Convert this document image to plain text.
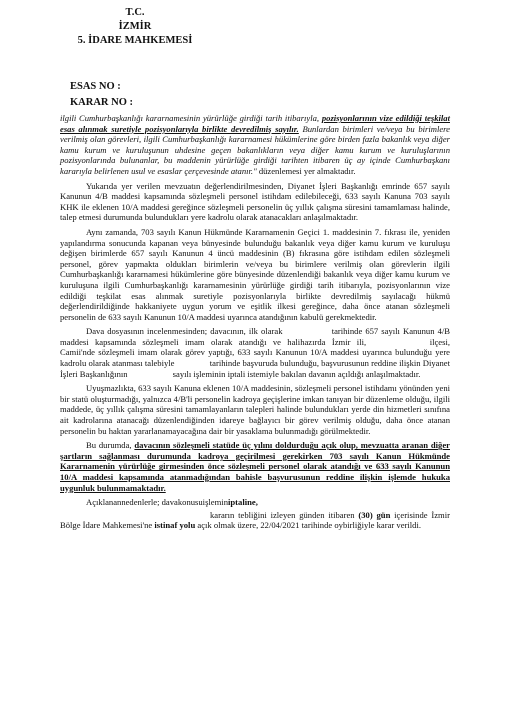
T.C.
İZMİR
5. İDARE MAHKEMESİ
ESAS NO :
KARAR NO :

ilgili Cumhurbaşkanlığı kararnamesinin yürürlüğe girdiği tarih itibarıyla, pozisyonlarının vize edildiği teşkilat esas alınmak suretiyle pozisyonlarıyla birlikte devredilmiş sayılır. Bunlardan birimleri ve/veya bu birimlere verilmiş olan görevleri, ilgili Cumhurbaşkanlığı kararnamesi hükümlerine göre birden fazla bakanlık veya diğer kamu kurum ve kuruluşunun uhdesine geçen bakanlıkların veya diğer kamu kurum ve kuruluşlarının pozisyonlarında bulunanlar, bu maddenin yürürlüğe girdiği tarihten itibaren üç ay içinde Cumhurbaşkanı kararıyla belirlenen usul ve esaslar çerçevesinde atanır." düzenlemesi yer almaktadır.

Yukarıda yer verilen mevzuatın değerlendirilmesinden, Diyanet İşleri Başkanlığı emrinde 657 sayılı Kanunun 4/B maddesi kapsamında sözleşmeli personel istihdam edilebileceği, 633 sayılı Kanuna 703 sayılı KHK ile eklenen 10/A maddesi gereğince sözleşmeli personelin üç yıllık çalışma süresini tamamlaması halinde, talep etmesi durumunda bulundukları yere kadrolu olarak atanacakları anlaşılmaktadır.

Aynı zamanda, 703 sayılı Kanun Hükmünde Kararnamenin Geçici 1. maddesinin 7. fıkrası ile, yeniden yapılandırma sonucunda kapanan veya bünyesinde bulunduğu bakanlık veya diğer kamu kurum ve kuruluşu değişen birimlerde 657 sayılı Kanunun 4 üncü maddesinin (B) fıkrasına göre istihdam edilen sözleşmeli personel, görev yapmakta oldukları birimlerin ve/veya bu birimlere verilmiş olan görevlerin ilgili Cumhurbaşkanlığı kararnamesi hükümlerine göre bünyesinde düzenlendiği bakanlık veya diğer kamu kurum ve kuruluşuna ilgili Cumhurbaşkanlığı kararnamesinin yürürlüğe girdiği tarih itibarıyla, pozisyonlarının vize edildiği teşkilat esas alınmak suretiyle pozisyonlarıyla birlikte devredilmiş sayılacağı hükmü değerlendirildiğinde hakkaniyete uygun yorum ve eşitlik ilkesi gereğince, daha önce atanan sözleşmeli personelin de 633 sayılı Kanunun 10/A maddesi uyarınca atandığının kabulü gerekmektedir.

Dava dosyasının incelenmesinden; davacının, ilk olarak                tarihinde 657 sayılı Kanunun 4/B maddesi kapsamında sözleşmeli imam olarak atandığı ve halihazırda İzmir ili,          ilçesi,                           Camii'nde sözleşmeli imam olarak görev yaptığı, 633 sayılı Kanunun 10/A maddesi uyarınca bulunduğu yere kadrolu olarak atanması talebiyle                tarihinde başvuruda bulunduğu, başvurusunun reddine ilişkin Diyanet İşleri Başkanlığının                     sayılı işleminin iptali istemiyle bakılan davanın açıldığı anlaşılmaktadır.

Uyuşmazlıkta, 633 sayılı Kanuna eklenen 10/A maddesinin, sözleşmeli personel istihdamı yönünden yeni bir statü oluşturmadığı, yalnızca 4/B'li personelin kadroya geçişlerine imkan tanıyan bir düzenleme olduğu, ilgili maddede, üç yıllık çalışma süresini tamamlayanların talepleri halinde bulundukları yerde din hizmetleri sınıfına ait kadrolarına atanacağı düzenlendiğinden idareye bağlayıcı bir görev verilmiş olduğu, daha önce atanan personelin bu haktan yararlanamayacağına dair bir yasaklama bulunmadığı görülmektedir.

Bu durumda, davacının sözleşmeli statüde üç yılını doldurduğu açık olup, mevzuatta aranan diğer şartların sağlanması durumunda kadroya geçirilmesi gerekirken 703 sayılı Kanun Hükmünde Kararnamenin yürürlüğe girmesinden önce sözleşmeli personel olarak atandığı ve 633 sayılı Kanunun 10/A maddesi kapsamında atanmadığından bahisle başvurusunun reddine ilişkin işlemde hukuka uygunluk bulunmamaktadır.

Açıklanannedenlerle; davakonusuişleminiptaline,

kararın tebliğini izleyen günden itibaren (30) gün içerisinde İzmir Bölge İdare Mahkemesi'ne istinaf yolu açık olmak üzere, 22/04/2021 tarihinde oybirliğiyle karar verildi.
